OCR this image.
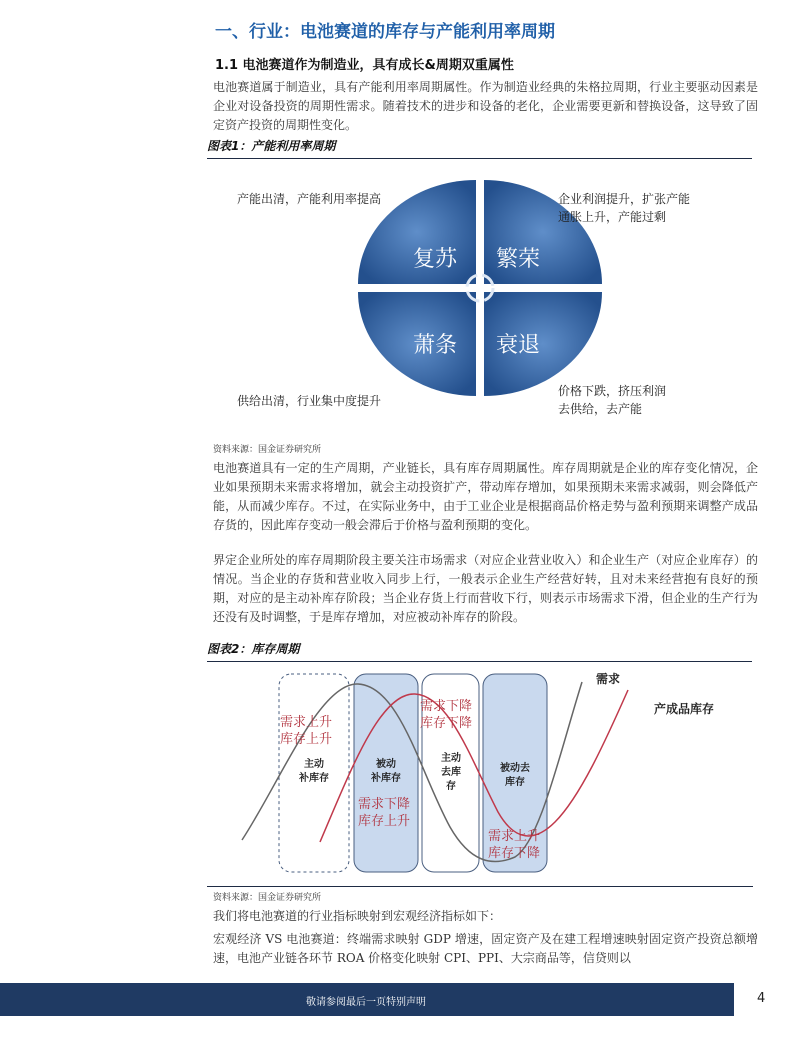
一、行业：电池赛道的库存与产能利用率周期
1.1 电池赛道作为制造业，具有成长&周期双重属性
电池赛道属于制造业，具有产能利用率周期属性。作为制造业经典的朱格拉周期，行业主要驱动因素是企业对设备投资的周期性需求。随着技术的进步和设备的老化，企业需要更新和替换设备，这导致了固定资产投资的周期性变化。
图表1：产能利用率周期
复苏 繁荣
萧条 衰退
产能出清，产能利用率提高	企业利润提升，扩张产能
通胀上升，产能过剩
供给出清，行业集中度提升
价格下跌，挤压利润
去供给，去产能
资料来源：国金证券研究所
电池赛道具有一定的生产周期，产业链长，具有库存周期属性。库存周期就是企业的库存变化情况，企业如果预期未来需求将增加，就会主动投资扩产，带动库存增加，如果预期未来需求减弱，则会降低产能，从而减少库存。不过，在实际业务中，由于工业企业是根据商品价格走势与盈利预期来调整产成品存货的，因此库存变动一般会滞后于价格与盈利预期的变化。
界定企业所处的库存周期阶段主要关注市场需求（对应企业营业收入）和企业生产（对应企业库存）的情况。当企业的存货和营业收入同步上行，一般表示企业生产经营好转，且对未来经营抱有良好的预期，对应的是主动补库存阶段；当企业存货上行而营收下行，则表示市场需求下滑，但企业的生产行为还没有及时调整，于是库存增加，对应被动补库存的阶段。
图表2：库存周期
需求
产成品库存
主动
补库存
被动
补库存
主动
去库
存
被动去
库存
需求上升
库存上升
需求下降
库存上升
需求下降
库存下降
需求上升
库存下降
资料来源：国金证券研究所
我们将电池赛道的行业指标映射到宏观经济指标如下：
宏观经济 VS 电池赛道：终端需求映射 GDP 增速，固定资产及在建工程增速映射固定资产投资总额增速，电池产业链各环节 ROA 价格变化映射 CPI、PPI、大宗商品等，信贷则以
敬请参阅最后一页特别声明	4
